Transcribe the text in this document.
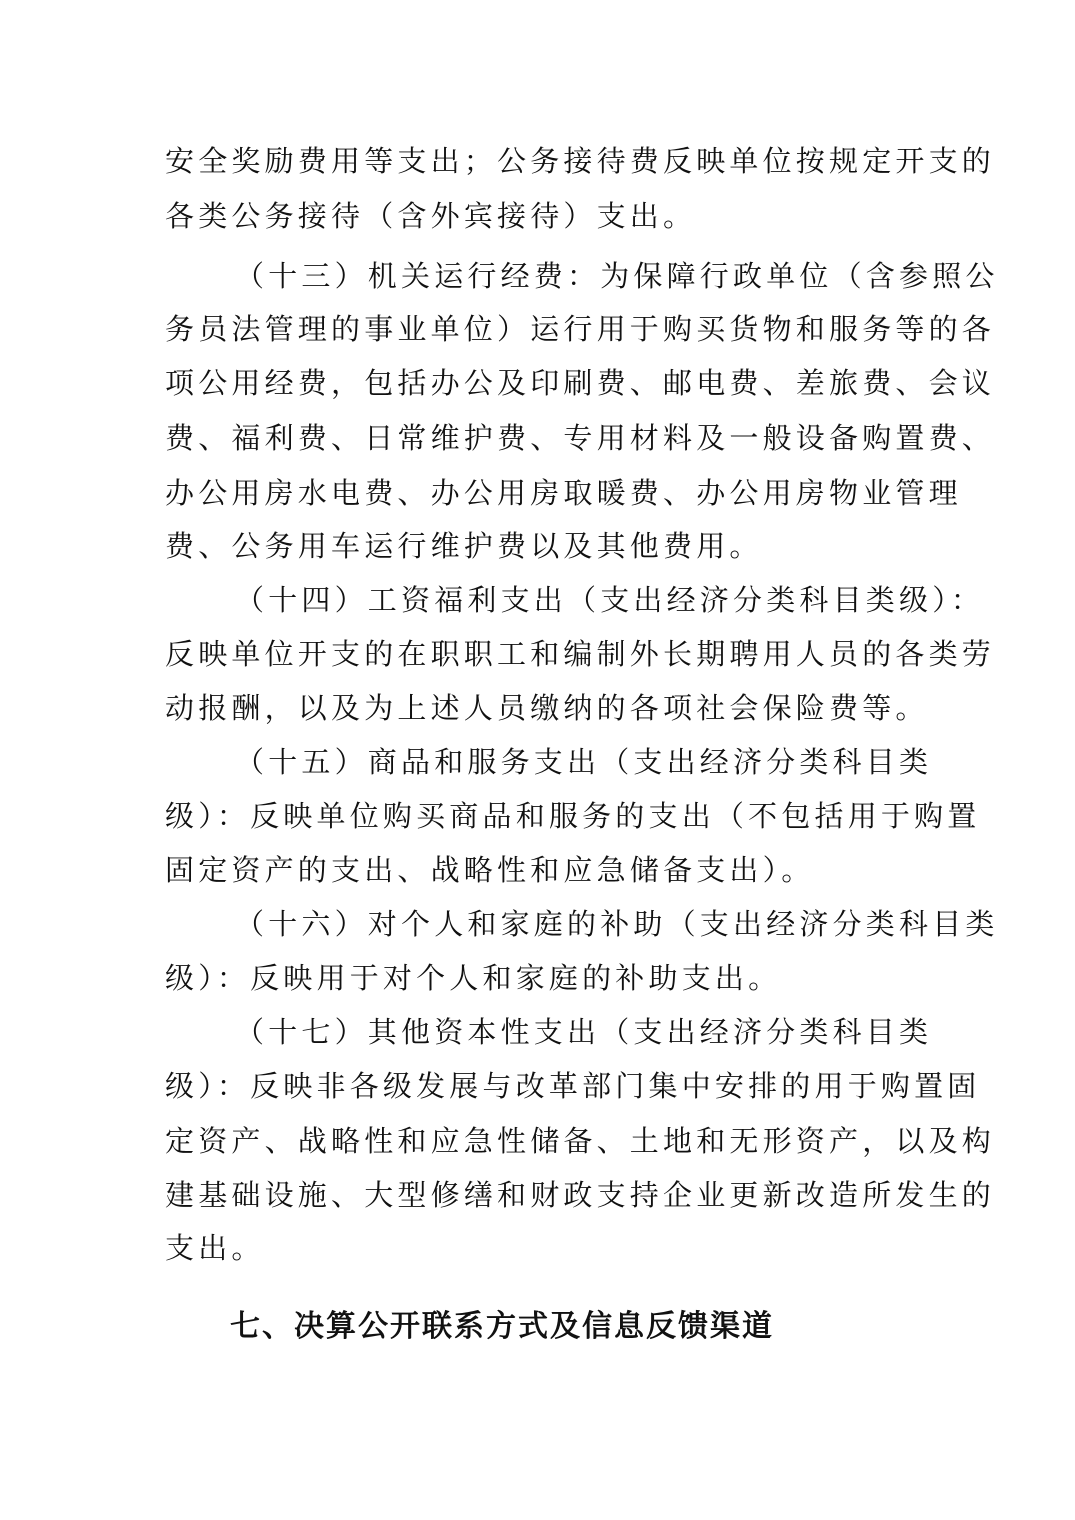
安全奖励费用等支出；公务接待费反映单位按规定开支的
各类公务接待（含外宾接待）支出。
（十三）机关运行经费：为保障行政单位（含参照公
务员法管理的事业单位）运行用于购买货物和服务等的各
项公用经费，包括办公及印刷费、邮电费、差旅费、会议
费、福利费、日常维护费、专用材料及一般设备购置费、
办公用房水电费、办公用房取暖费、办公用房物业管理
费、公务用车运行维护费以及其他费用。
（十四）工资福利支出（支出经济分类科目类级）：
反映单位开支的在职职工和编制外长期聘用人员的各类劳
动报酬，以及为上述人员缴纳的各项社会保险费等。
（十五）商品和服务支出（支出经济分类科目类
级）：反映单位购买商品和服务的支出（不包括用于购置
固定资产的支出、战略性和应急储备支出）。
（十六）对个人和家庭的补助（支出经济分类科目类
级）：反映用于对个人和家庭的补助支出。
（十七）其他资本性支出（支出经济分类科目类
级）：反映非各级发展与改革部门集中安排的用于购置固
定资产、战略性和应急性储备、土地和无形资产，以及构
建基础设施、大型修缮和财政支持企业更新改造所发生的
支出。
七、决算公开联系方式及信息反馈渠道
